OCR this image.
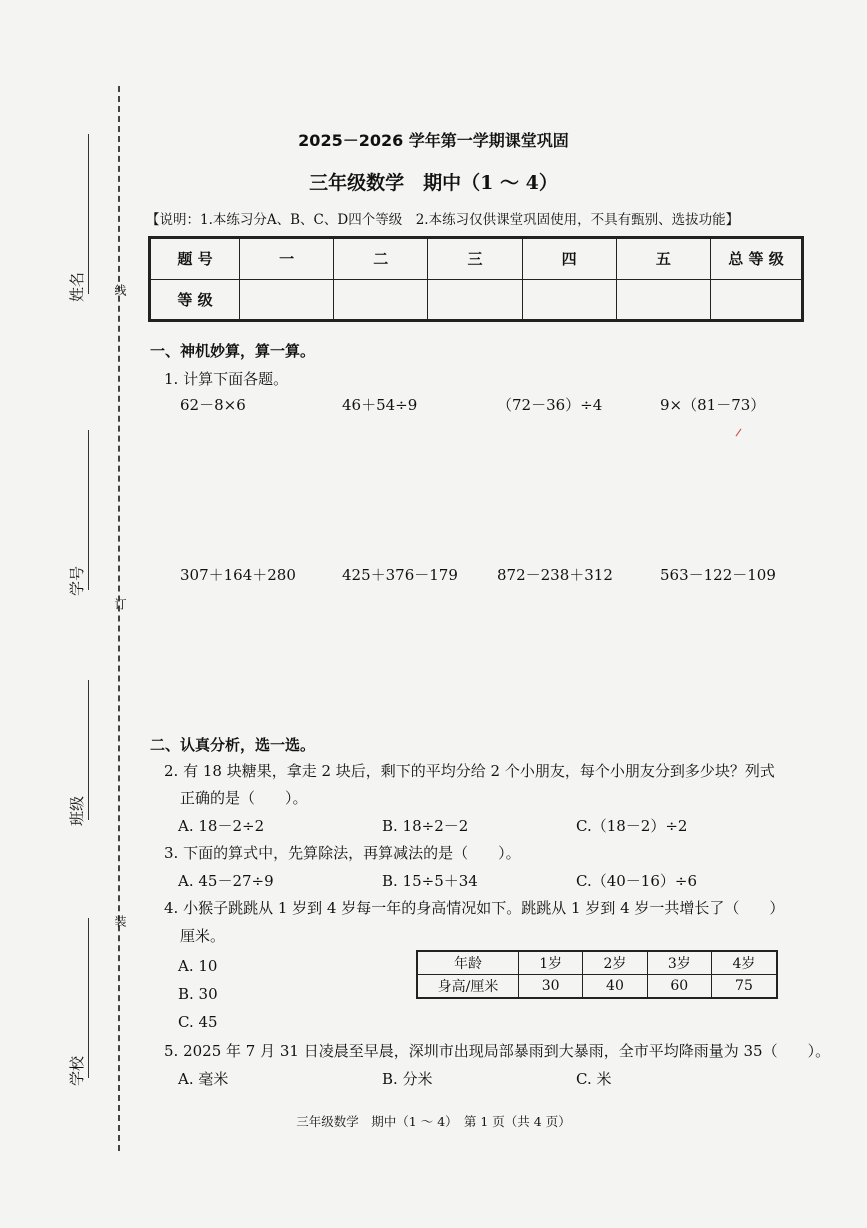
线
订
装
姓名
学号
班级
学校
2025－2026 学年第一学期课堂巩固
三年级数学　期中（1 ～ 4）
【说明：1.本练习分A、B、C、D四个等级　2.本练习仅供课堂巩固使用，不具有甄别、选拔功能】
题 号	一	二	三	四	五	总 等 级
等 级						
一、神机妙算，算一算。
1. 计算下面各题。
62－8×6	46＋54÷9	（72－36）÷4	9×（81－73）
307＋164＋280	425＋376－179	872－238＋312	563－122－109
二、认真分析，选一选。
2. 有 18 块糖果，拿走 2 块后，剩下的平均分给 2 个小朋友，每个小朋友分到多少块？列式
正确的是（　　）。
A. 18－2÷2	B. 18÷2－2	C.（18－2）÷2
3. 下面的算式中，先算除法，再算减法的是（　　）。
A. 45－27÷9	B. 15÷5＋34	C.（40－16）÷6
4. 小猴子跳跳从 1 岁到 4 岁每一年的身高情况如下。跳跳从 1 岁到 4 岁一共增长了（　　）
厘米。
A. 10
B. 30
C. 45
年龄	1岁	2岁	3岁	4岁
身高/厘米	30	40	60	75
5. 2025 年 7 月 31 日凌晨至早晨，深圳市出现局部暴雨到大暴雨，全市平均降雨量为 35（　　）。
A. 毫米	B. 分米	C. 米
三年级数学　期中（1 ～ 4）　第 1 页（共 4 页）
